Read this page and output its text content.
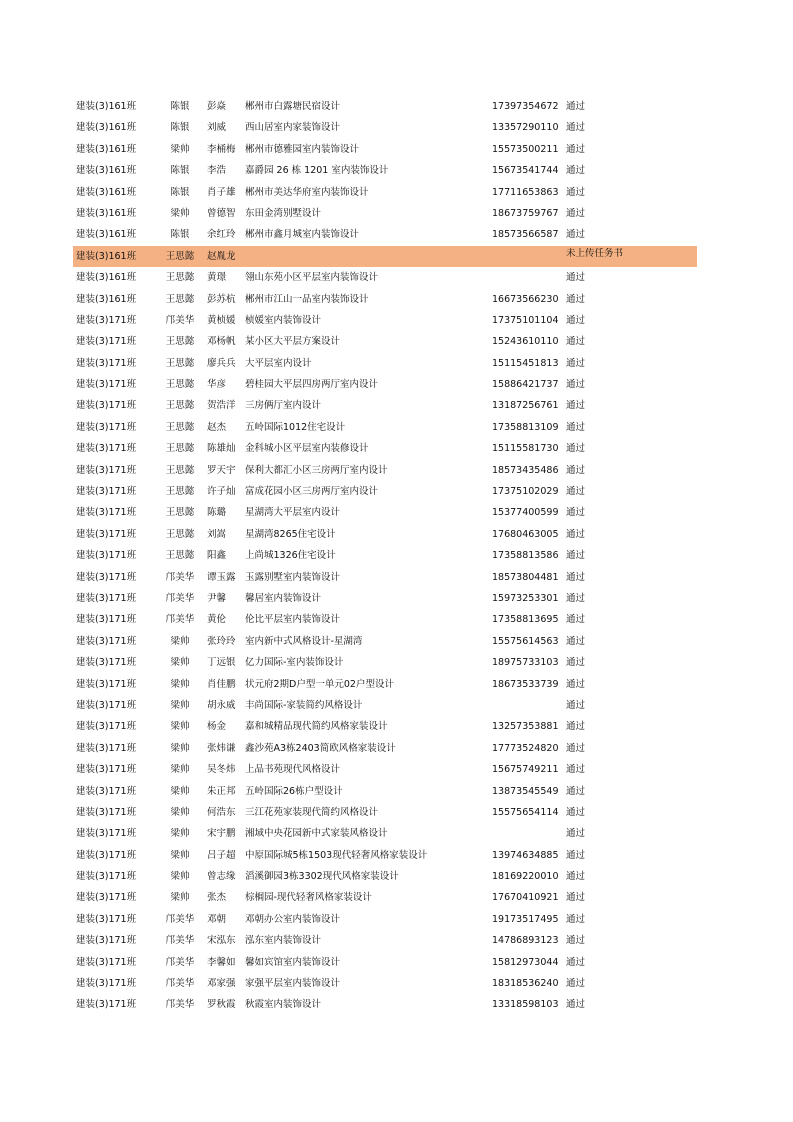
建装(3)161班	陈银	彭焱	郴州市白露塘民宿设计	17397354672 通过
建装(3)161班	陈银	刘威	西山居室内家装饰设计	13357290110 通过
建装(3)161班	梁帅	李桶梅 郴州市德雅园室内装饰设计	15573500211 通过
建装(3)161班	陈银	李浩	嘉爵园 26 栋 1201 室内装饰设计	15673541744 通过
建装(3)161班	陈银	肖子雄 郴州市美达华府室内装饰设计	17711653863 通过
建装(3)161班	梁帅	曾德智 东田金湾别墅设计	18673759767 通过
建装(3)161班	陈银	余红玲 郴州市鑫月城室内装饰设计	18573566587 通过
建装(3)161班	王思懿	赵胤龙	未上传任务书
建装(3)161班	王思懿	黄璟	翎山东苑小区平层室内装饰设计	通过
建装(3)161班	王思懿	彭苏杭 郴州市江山一品室内装饰设计	16673566230 通过
建装(3)171班	邝美华	黄桢媛 桢媛室内装饰设计	17375101104 通过
建装(3)171班	王思懿	邓杨帆 某小区大平层方案设计	15243610110 通过
建装(3)171班	王思懿	廖兵兵 大平层室内设计	15115451813 通过
建装(3)171班	王思懿	华彦	碧桂园大平层四房两厅室内设计	15886421737 通过
建装(3)171班	王思懿	贺浩洋 三房俩厅室内设计	13187256761 通过
建装(3)171班	王思懿	赵杰	五岭国际1012住宅设计	17358813109 通过
建装(3)171班	王思懿	陈雄灿 金科城小区平层室内装修设计	15115581730 通过
建装(3)171班	王思懿	罗天宇 保利大都汇小区三房两厅室内设计	18573435486 通过
建装(3)171班	王思懿	许子灿 富成花园小区三房两厅室内设计	17375102029 通过
建装(3)171班	王思懿	陈璐	星湖湾大平层室内设计	15377400599 通过
建装(3)171班	王思懿	刘嵩	星湖湾8265住宅设计	17680463005 通过
建装(3)171班	王思懿	阳鑫	上尚城1326住宅设计	17358813586 通过
建装(3)171班	邝美华	谭玉露 玉露别墅室内装饰设计	18573804481 通过
建装(3)171班	邝美华	尹馨	馨居室内装饰设计	15973253301 通过
建装(3)171班	邝美华	黄伦	伦比平层室内装饰设计	17358813695 通过
建装(3)171班	梁帅	张玲玲 室内新中式风格设计-星湖湾	15575614563 通过
建装(3)171班	梁帅	丁远银 亿力国际-室内装饰设计	18975733103 通过
建装(3)171班	梁帅	肖佳鹏 状元府2期D户型一单元02户型设计	18673533739 通过
建装(3)171班	梁帅	胡永威 丰尚国际-家装简约风格设计	通过
建装(3)171班	梁帅	杨金	嘉和城精品现代简约风格家装设计	13257353881 通过
建装(3)171班	梁帅	张炜谦 鑫沙苑A3栋2403简欧风格家装设计	17773524820 通过
建装(3)171班	梁帅	吴冬炜 上品书苑现代风格设计	15675749211 通过
建装(3)171班	梁帅	朱正邦 五岭国际26栋户型设计	13873545549 通过
建装(3)171班	梁帅	何浩东 三江花苑家装现代简约风格设计	15575654114 通过
建装(3)171班	梁帅	宋宇鹏 湘域中央花园新中式家装风格设计	通过
建装(3)171班	梁帅	吕子超 中原国际城5栋1503现代轻奢风格家装设计	13974634885 通过
建装(3)171班	梁帅	曾志缘 滔溪御园3栋3302现代风格家装设计	18169220010 通过
建装(3)171班	梁帅	张杰	棕榈园-现代轻奢风格家装设计	17670410921 通过
建装(3)171班	邝美华	邓朝	邓朝办公室内装饰设计	19173517495 通过
建装(3)171班	邝美华	宋泓东 泓东室内装饰设计	14786893123 通过
建装(3)171班	邝美华	李馨如 馨如宾馆室内装饰设计	15812973044 通过
建装(3)171班	邝美华	邓家强 家强平层室内装饰设计	18318536240 通过
建装(3)171班	邝美华	罗秋霞 秋霞室内装饰设计	13318598103 通过
